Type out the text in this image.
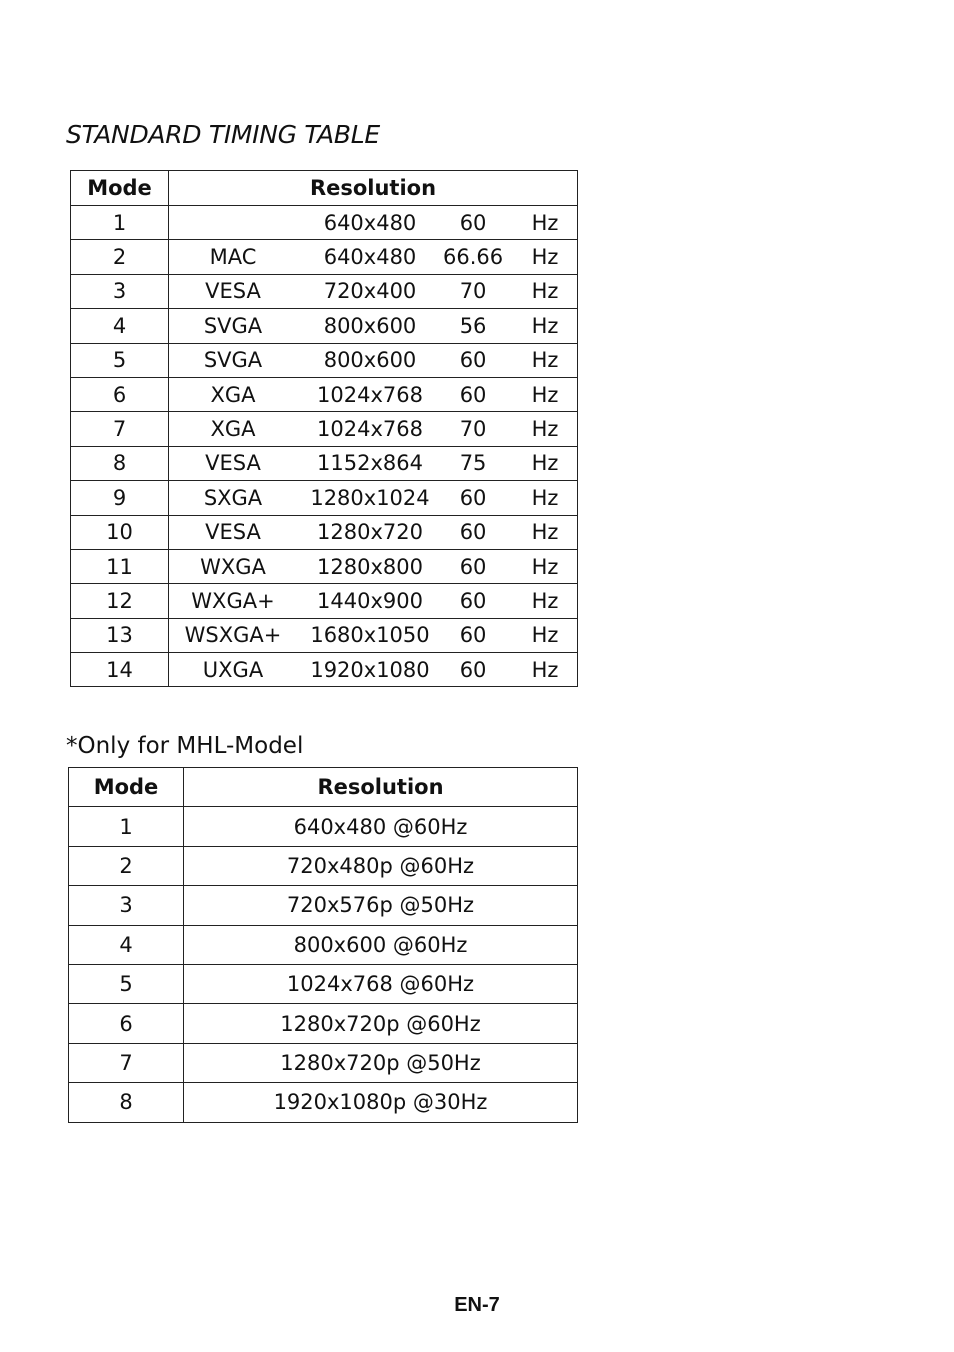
STANDARD TIMING TABLE
Mode	Resolution			
1		640x480	60	Hz
2	MAC	640x480	66.66	Hz
3	VESA	720x400	70	Hz
4	SVGA	800x600	56	Hz
5	SVGA	800x600	60	Hz
6	XGA	1024x768	60	Hz
7	XGA	1024x768	70	Hz
8	VESA	1152x864	75	Hz
9	SXGA	1280x1024	60	Hz
10	VESA	1280x720	60	Hz
11	WXGA	1280x800	60	Hz
12	WXGA+	1440x900	60	Hz
13	WSXGA+	1680x1050	60	Hz
14	UXGA	1920x1080	60	Hz

*Only for MHL-Model

Mode	Resolution
1	640x480 @60Hz
2	720x480p @60Hz
3	720x576p @50Hz
4	800x600 @60Hz
5	1024x768 @60Hz
6	1280x720p @60Hz
7	1280x720p @50Hz
8	1920x1080p @30Hz
EN-7
